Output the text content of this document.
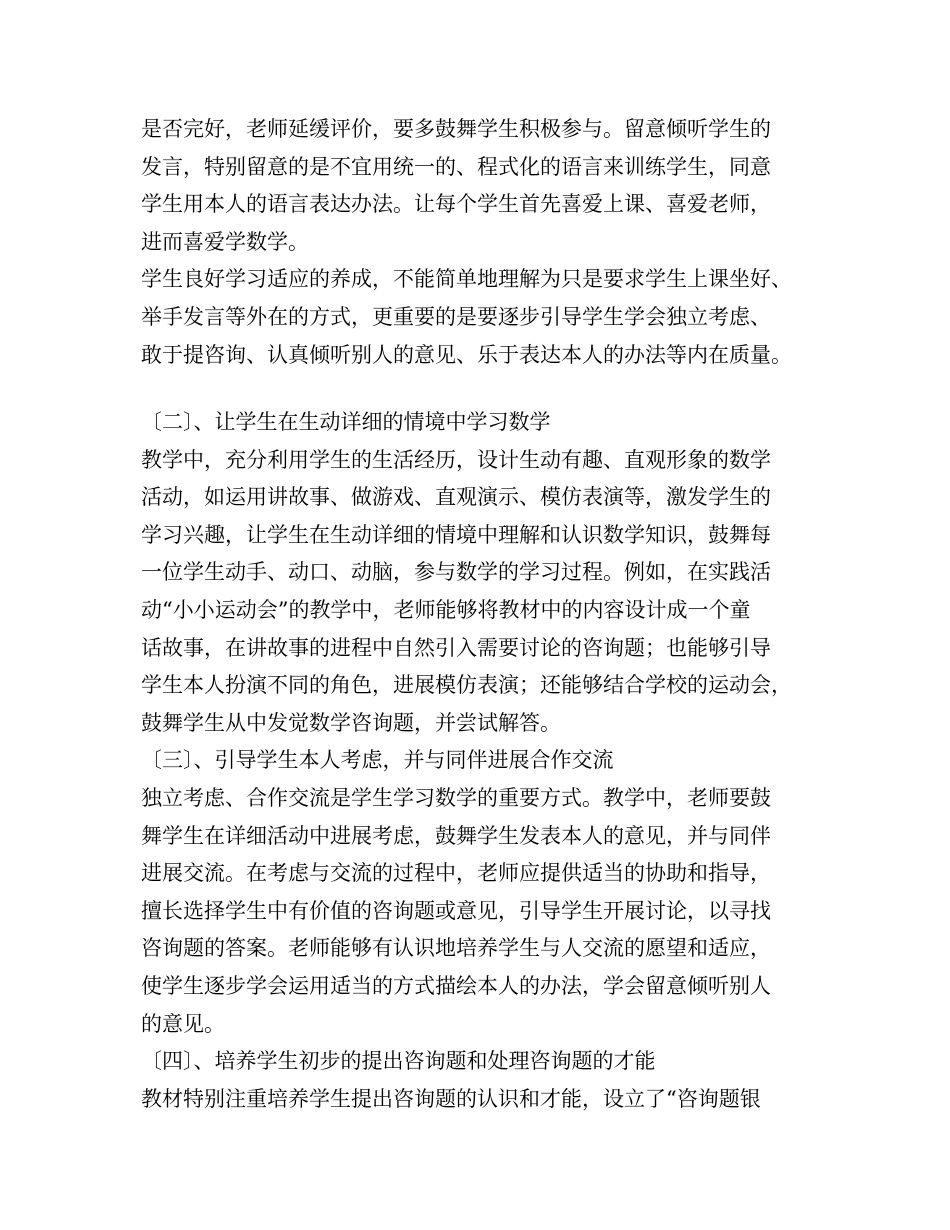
是否完好，老师延缓评价，要多鼓舞学生积极参与。留意倾听学生的
发言，特别留意的是不宜用统一的、程式化的语言来训练学生，同意
学生用本人的语言表达办法。让每个学生首先喜爱上课、喜爱老师，
进而喜爱学数学。
学生良好学习适应的养成，不能简单地理解为只是要求学生上课坐好、
举手发言等外在的方式，更重要的是要逐步引导学生学会独立考虑、
敢于提咨询、认真倾听别人的意见、乐于表达本人的办法等内在质量。
〔二〕、让学生在生动详细的情境中学习数学
教学中，充分利用学生的生活经历，设计生动有趣、直观形象的数学
活动，如运用讲故事、做游戏、直观演示、模仿表演等，激发学生的
学习兴趣，让学生在生动详细的情境中理解和认识数学知识，鼓舞每
一位学生动手、动口、动脑，参与数学的学习过程。例如，在实践活
动“小小运动会”的教学中，老师能够将教材中的内容设计成一个童
话故事，在讲故事的进程中自然引入需要讨论的咨询题；也能够引导
学生本人扮演不同的角色，进展模仿表演；还能够结合学校的运动会，
鼓舞学生从中发觉数学咨询题，并尝试解答。
〔三〕、引导学生本人考虑，并与同伴进展合作交流
独立考虑、合作交流是学生学习数学的重要方式。教学中，老师要鼓
舞学生在详细活动中进展考虑，鼓舞学生发表本人的意见，并与同伴
进展交流。在考虑与交流的过程中，老师应提供适当的协助和指导，
擅长选择学生中有价值的咨询题或意见，引导学生开展讨论，以寻找
咨询题的答案。老师能够有认识地培养学生与人交流的愿望和适应，
使学生逐步学会运用适当的方式描绘本人的办法，学会留意倾听别人
的意见。
〔四〕、培养学生初步的提出咨询题和处理咨询题的才能
教材特别注重培养学生提出咨询题的认识和才能，设立了“咨询题银
